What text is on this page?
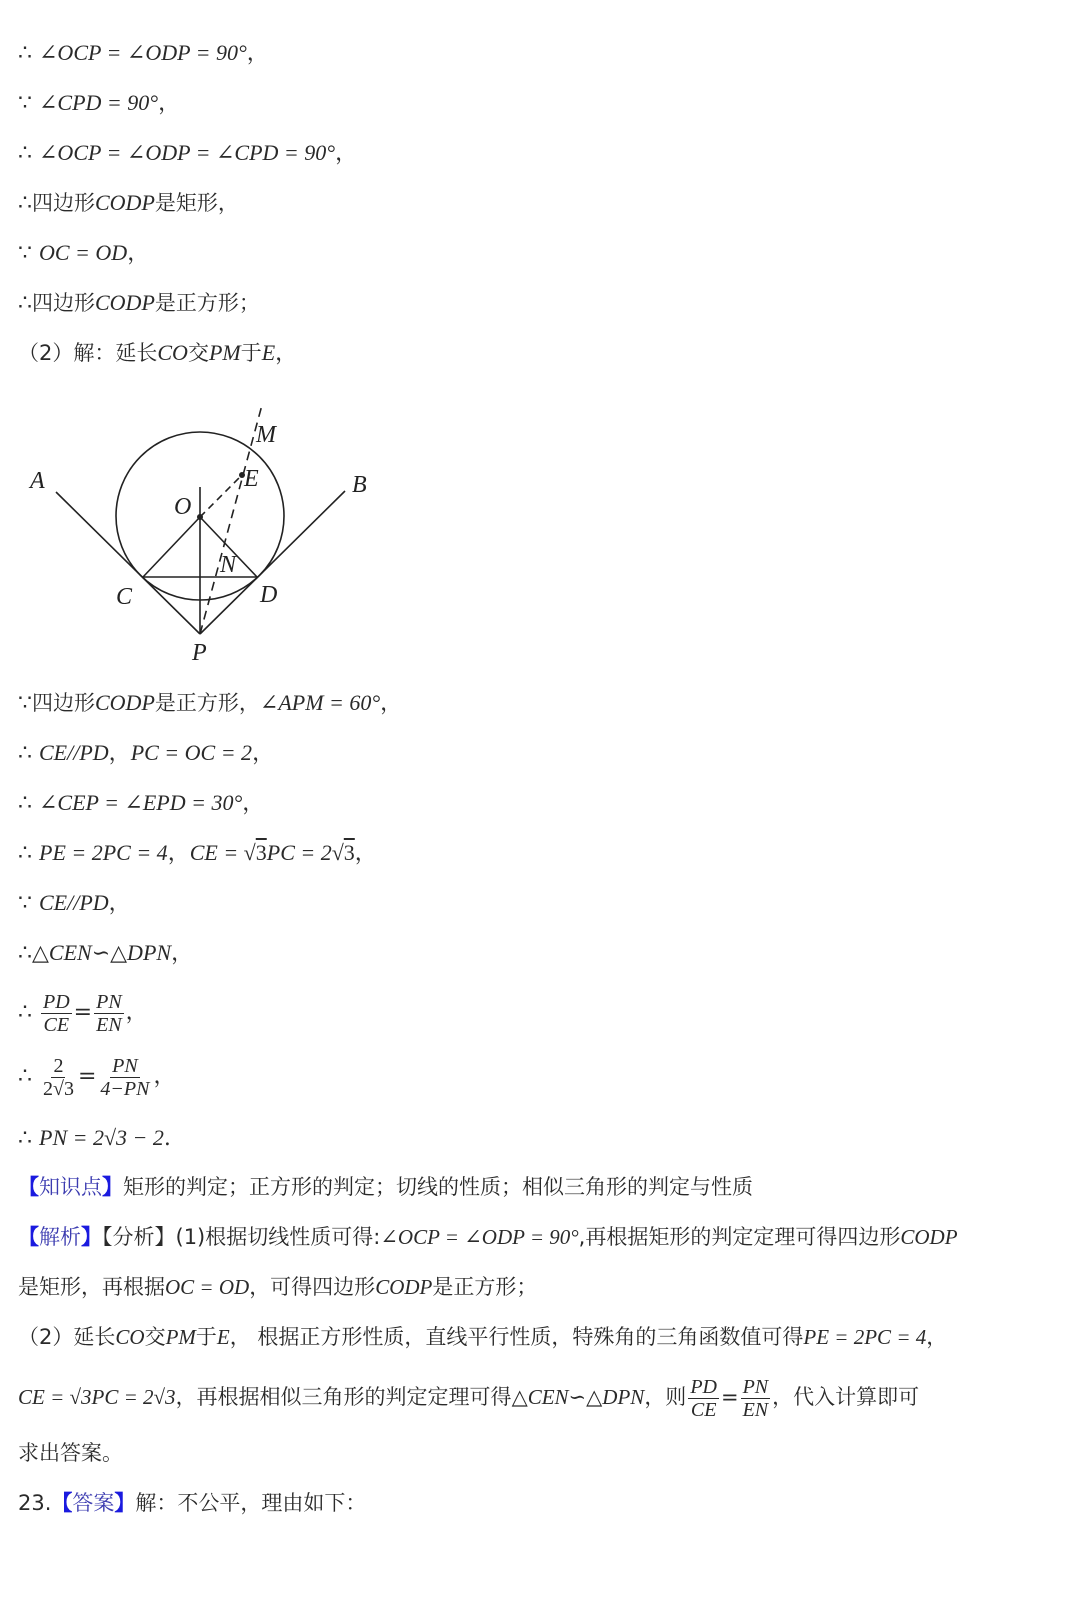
∴ ∠OCP = ∠ODP = 90°，
∵ ∠CPD = 90°，
∴ ∠OCP = ∠ODP = ∠CPD = 90°，
∴四边形CODP是矩形，
∵ OC = OD，
∴四边形CODP是正方形；
（2）解：延长CO交PM于E，
A	B
C	D
O
P
M
E
N
∵四边形CODP是正方形，∠APM = 60°，
∴ CE//PD，PC = OC = 2，
∴ ∠CEP = ∠EPD = 30°，
∴ PE = 2PC = 4，CE = √3PC = 2√3，
∵ CE//PD，
∴△CEN∽△DPN，
∴ $\frac{PD}{CE} = \frac{PN}{EN}$ ，
∴ $\frac{2}{2√3} = \frac{PN}{4-PN}$ ，
∴ PN = 2√3 − 2.
【知识点】矩形的判定；正方形的判定；切线的性质；相似三角形的判定与性质
【解析】【分析】(1)根据切线性质可得:∠OCP = ∠ODP = 90°,再根据矩形的判定定理可得四边形CODP
是矩形，再根据OC = OD，可得四边形CODP是正方形；
（2）延长CO交PM于E， 根据正方形性质，直线平行性质，特殊角的三角函数值可得PE = 2PC = 4，
CE = √3PC = 2√3，再根据相似三角形的判定定理可得△CEN∽△DPN，则 $\frac{PD}{CE} = \frac{PN}{EN}$ ，代入计算即可
求出答案。
23.【答案】解：不公平，理由如下：
